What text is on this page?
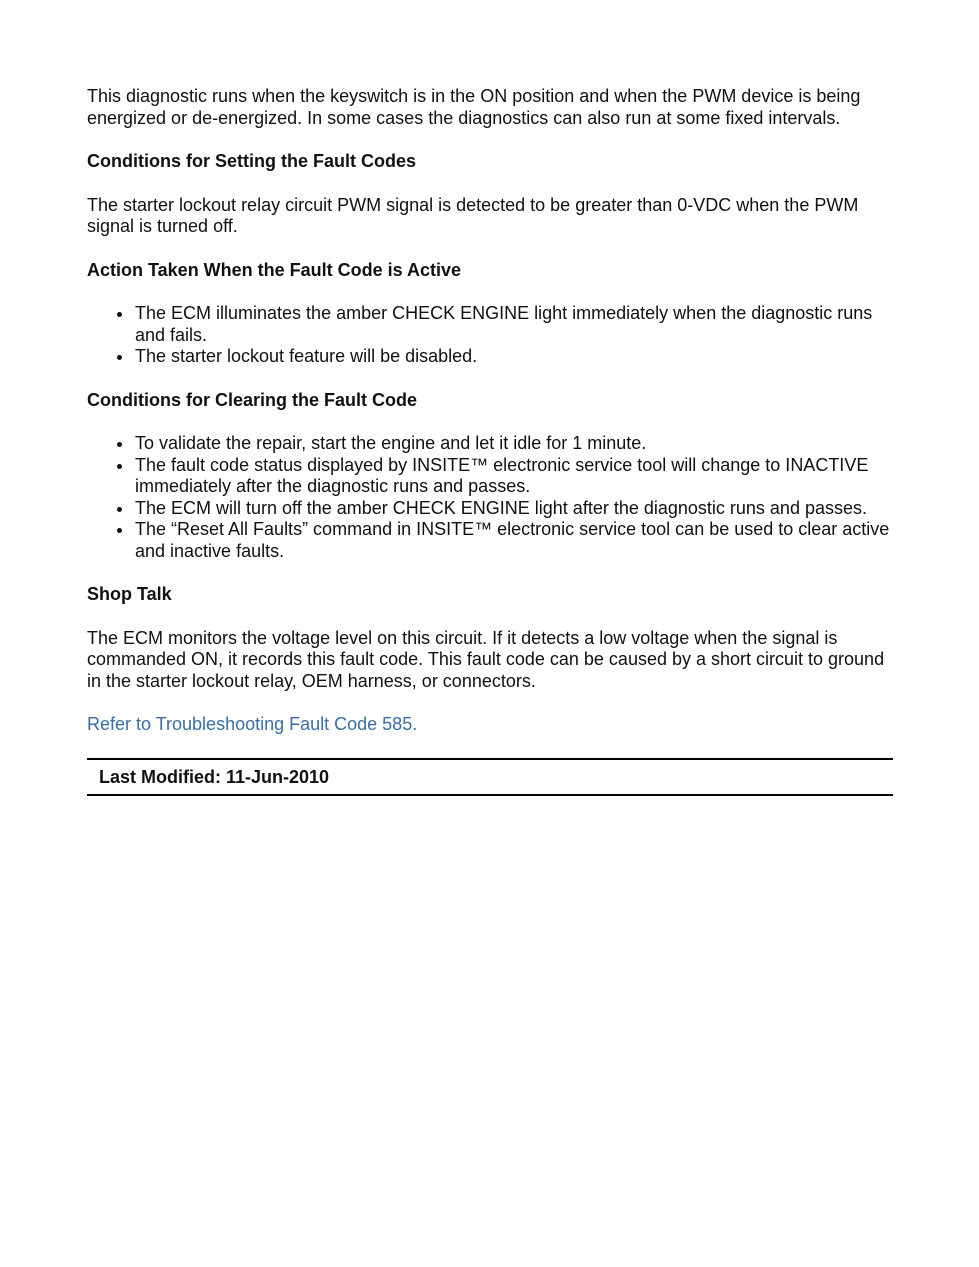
This diagnostic runs when the keyswitch is in the ON position and when the PWM device is being energized or de-energized. In some cases the diagnostics can also run at some fixed intervals.

Conditions for Setting the Fault Codes

The starter lockout relay circuit PWM signal is detected to be greater than 0-VDC when the PWM signal is turned off.

Action Taken When the Fault Code is Active
The ECM illuminates the amber CHECK ENGINE light immediately when the diagnostic runs and fails.
The starter lockout feature will be disabled.
Conditions for Clearing the Fault Code
To validate the repair, start the engine and let it idle for 1 minute.
The fault code status displayed by INSITE™ electronic service tool will change to INACTIVE immediately after the diagnostic runs and passes.
The ECM will turn off the amber CHECK ENGINE light after the diagnostic runs and passes.
The “Reset All Faults” command in INSITE™ electronic service tool can be used to clear active and inactive faults.
Shop Talk

The ECM monitors the voltage level on this circuit. If it detects a low voltage when the signal is commanded ON, it records this fault code. This fault code can be caused by a short circuit to ground in the starter lockout relay, OEM harness, or connectors.

Refer to Troubleshooting Fault Code 585.

Last Modified: 11-Jun-2010
